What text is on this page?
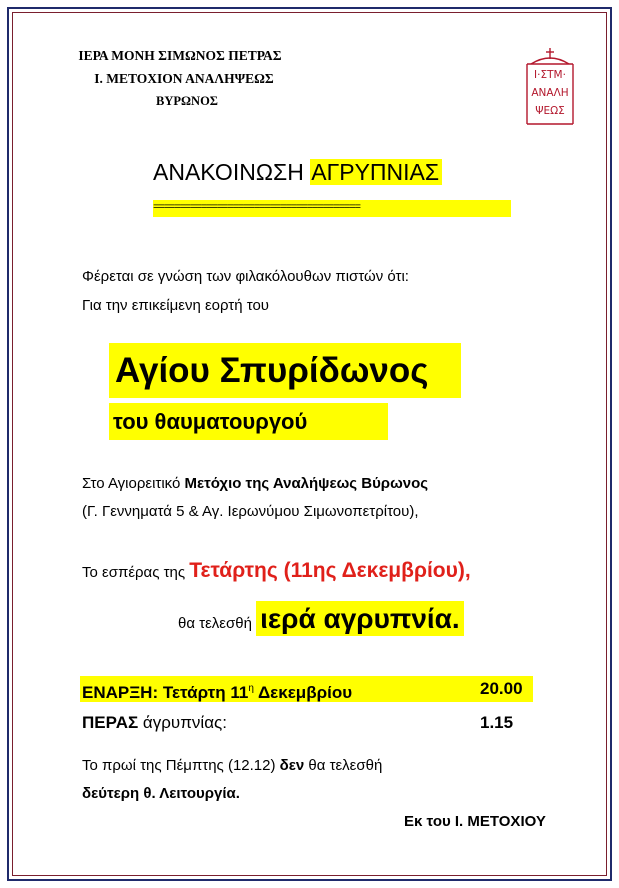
ΙΕΡΑ ΜΟΝΗ ΣΙΜΩΝΟΣ ΠΕΤΡΑΣ
Ι. ΜΕΤΟΧΙΟΝ ΑΝΑΛΗΨΕΩΣ
ΒΥΡΩΝΟΣ
Ι·ΣΤΜ·
ΑΝΑΛΗ
ΨΕΩΣ
ΑΝΑΚΟΙΝΩΣΗ ΑΓΡΥΠΝΙΑΣ
=======================================
Φέρεται σε γνώση των φιλακόλουθων πιστών ότι:
Για την επικείμενη εορτή του
Αγίου Σπυρίδωνος
του θαυματουργού
Στο Αγιορειτικό Μετόχιο της Αναλήψεως Βύρωνος
(Γ. Γεννηματά 5 & Αγ. Ιερωνύμου Σιμωνοπετρίτου),
Το εσπέρας της Τετάρτης (11ης Δεκεμβρίου),
θα τελεσθή ιερά αγρυπνία.
ΕΝΑΡΞΗ: Τετάρτη $11^\eta$ Δεκεμβρίου	20.00
ΠΕΡΑΣ άγρυπνίας:	1.15
Το πρωί της Πέμπτης (12.12) δεν θα τελεσθή
δεύτερη θ. Λειτουργία.
Εκ του Ι. ΜΕΤΟΧΙΟΥ
